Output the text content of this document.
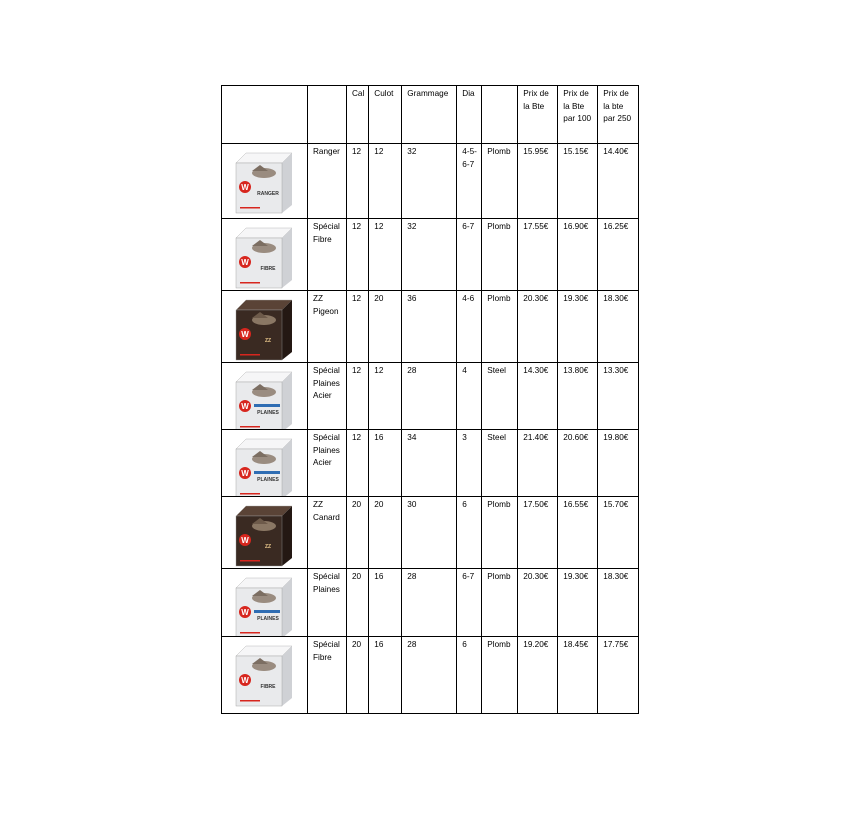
		Cal	Culot	Grammage	Dia		Prix de la Bte	Prix de la Bte par 100	Prix de la bte par 250

W
RANGER	Ranger	12	12	32	4-5-6-7	Plomb	15.95€	15.15€	14.40€

W
FIBRE	Spécial Fibre	12	12	32	6-7	Plomb	17.55€	16.90€	16.25€

W
ZZ	ZZ Pigeon	12	20	36	4-6	Plomb	20.30€	19.30€	18.30€

W
PLAINES	Spécial Plaines Acier	12	12	28	4	Steel	14.30€	13.80€	13.30€

W
PLAINES	Spécial Plaines Acier	12	16	34	3	Steel	21.40€	20.60€	19.80€

W
ZZ	ZZ Canard	20	20	30	6	Plomb	17.50€	16.55€	15.70€

W
PLAINES	Spécial Plaines	20	16	28	6-7	Plomb	20.30€	19.30€	18.30€

W
FIBRE	Spécial Fibre	20	16	28	6	Plomb	19.20€	18.45€	17.75€
